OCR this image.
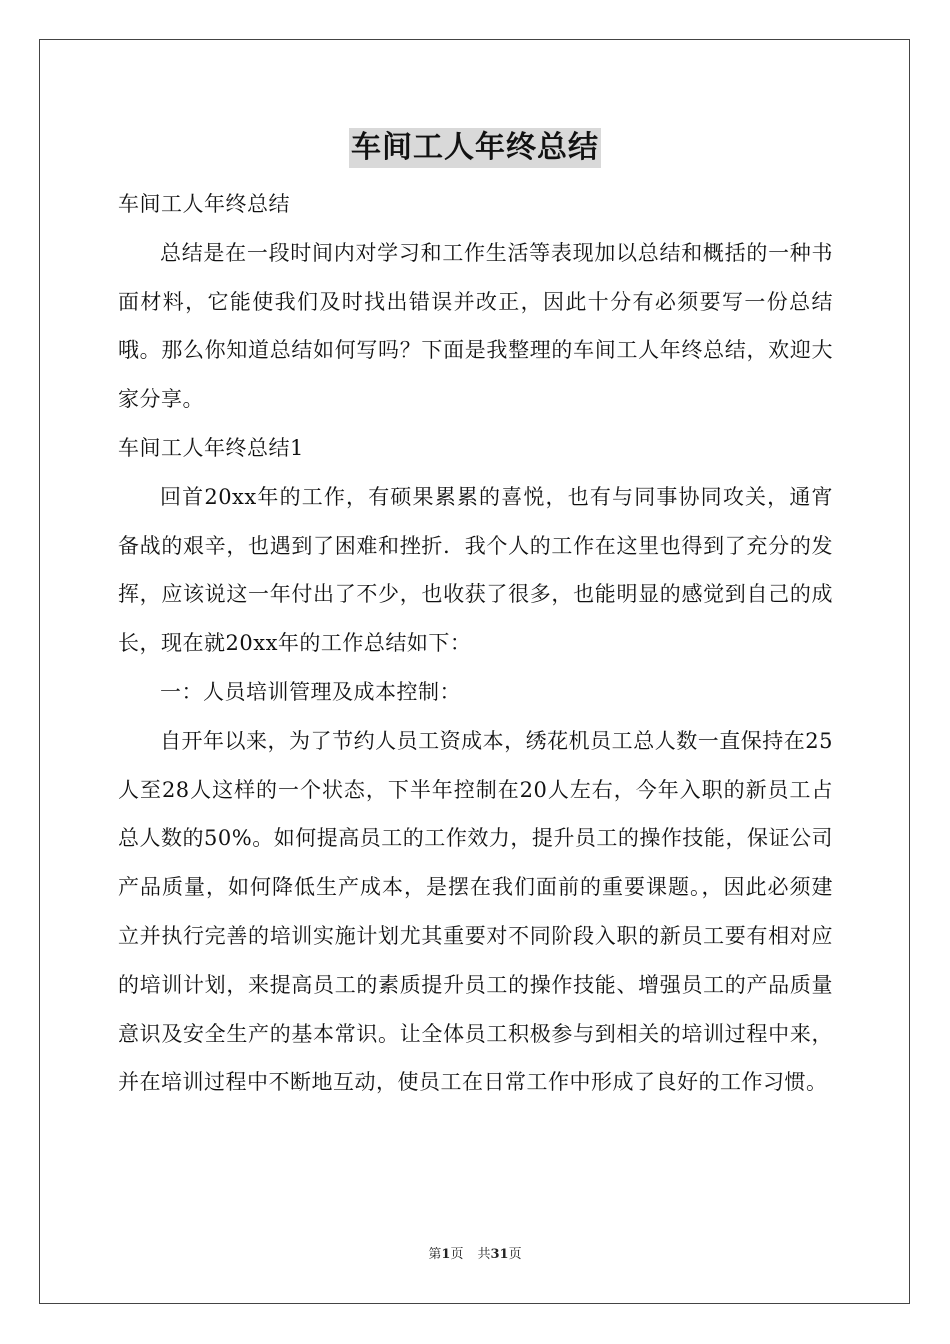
车间工人年终总结

车间工人年终总结

总结是在一段时间内对学习和工作生活等表现加以总结和概括的一种书面材料，它能使我们及时找出错误并改正，因此十分有必须要写一份总结哦。那么你知道总结如何写吗？下面是我整理的车间工人年终总结，欢迎大家分享。

车间工人年终总结1

回首20xx年的工作，有硕果累累的喜悦，也有与同事协同攻关，通宵备战的艰辛，也遇到了困难和挫折．我个人的工作在这里也得到了充分的发挥，应该说这一年付出了不少，也收获了很多，也能明显的感觉到自己的成长，现在就20xx年的工作总结如下：

一：人员培训管理及成本控制：

自开年以来，为了节约人员工资成本，绣花机员工总人数一直保持在25人至28人这样的一个状态，下半年控制在20人左右，今年入职的新员工占总人数的50%。如何提高员工的工作效力，提升员工的操作技能，保证公司产品质量，如何降低生产成本，是摆在我们面前的重要课题。，因此必须建立并执行完善的培训实施计划尤其重要对不同阶段入职的新员工要有相对应的培训计划，来提高员工的素质提升员工的操作技能、增强员工的产品质量意识及安全生产的基本常识。让全体员工积极参与到相关的培训过程中来，并在培训过程中不断地互动，使员工在日常工作中形成了良好的工作习惯。

第1页 共31页
